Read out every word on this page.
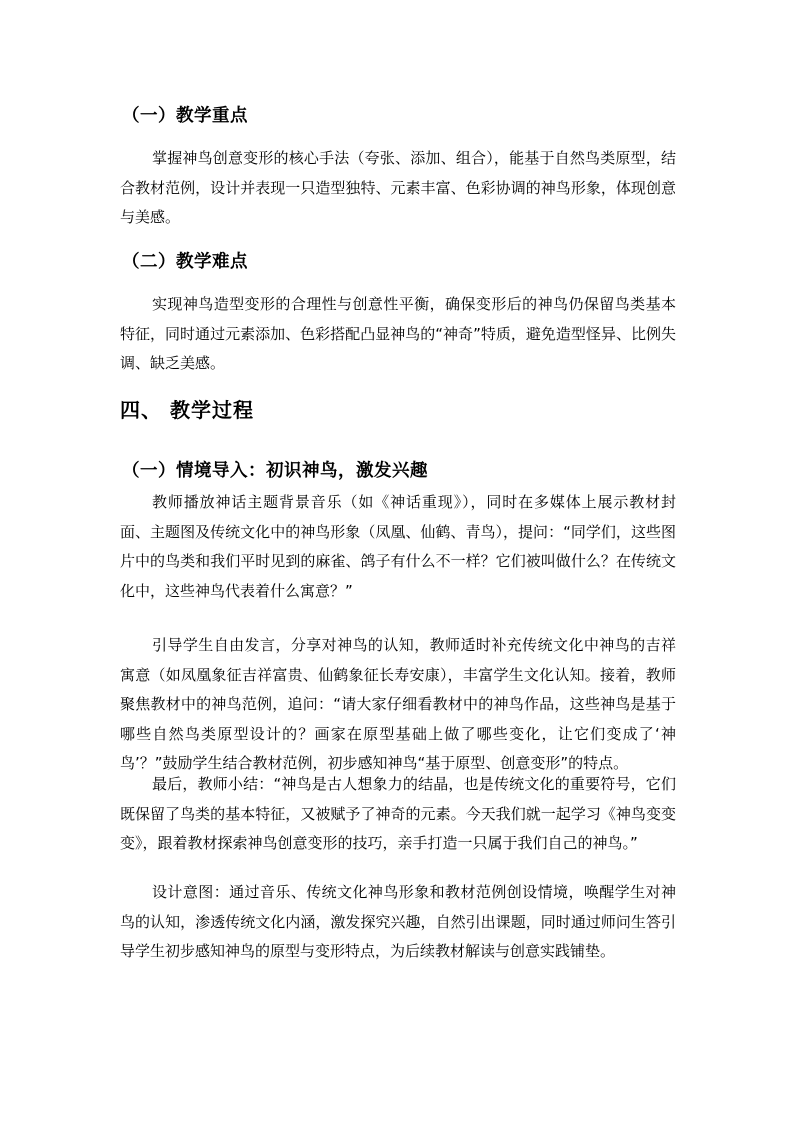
（一）教学重点

掌握神鸟创意变形的核心手法（夸张、添加、组合），能基于自然鸟类原型，结合教材范例，设计并表现一只造型独特、元素丰富、色彩协调的神鸟形象，体现创意与美感。

（二）教学难点

实现神鸟造型变形的合理性与创意性平衡，确保变形后的神鸟仍保留鸟类基本特征，同时通过元素添加、色彩搭配凸显神鸟的“神奇”特质，避免造型怪异、比例失调、缺乏美感。

四、 教学过程
（一）情境导入：初识神鸟，激发兴趣

教师播放神话主题背景音乐（如《神话重现》），同时在多媒体上展示教材封面、主题图及传统文化中的神鸟形象（凤凰、仙鹤、青鸟），提问：“同学们，这些图片中的鸟类和我们平时见到的麻雀、鸽子有什么不一样？它们被叫做什么？在传统文化中，这些神鸟代表着什么寓意？”

引导学生自由发言，分享对神鸟的认知，教师适时补充传统文化中神鸟的吉祥寓意（如凤凰象征吉祥富贵、仙鹤象征长寿安康），丰富学生文化认知。接着，教师聚焦教材中的神鸟范例，追问：“请大家仔细看教材中的神鸟作品，这些神鸟是基于哪些自然鸟类原型设计的？画家在原型基础上做了哪些变化，让它们变成了‘神鸟’？”鼓励学生结合教材范例，初步感知神鸟“基于原型、创意变形”的特点。

最后，教师小结：“神鸟是古人想象力的结晶，也是传统文化的重要符号，它们既保留了鸟类的基本特征，又被赋予了神奇的元素。今天我们就一起学习《神鸟变变变》，跟着教材探索神鸟创意变形的技巧，亲手打造一只属于我们自己的神鸟。”

设计意图：通过音乐、传统文化神鸟形象和教材范例创设情境，唤醒学生对神鸟的认知，渗透传统文化内涵，激发探究兴趣，自然引出课题，同时通过师问生答引导学生初步感知神鸟的原型与变形特点，为后续教材解读与创意实践铺垫。
